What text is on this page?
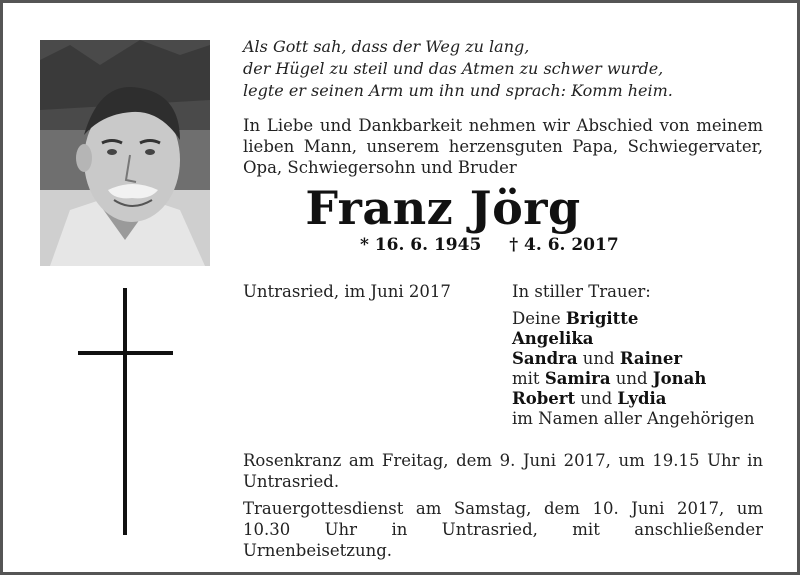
Als Gott sah, dass der Weg zu lang,
der Hügel zu steil und das Atmen zu schwer wurde,
legte er seinen Arm um ihn und sprach: Komm heim.
In Liebe und Dankbarkeit nehmen wir Abschied von meinem lieben Mann, unserem herzensguten Papa, Schwiegervater, Opa, Schwiegersohn und Bruder
Franz Jörg
* 16. 6. 1945 † 4. 6. 2017
Untrasried, im Juni 2017	In stiller Trauer:
Deine Brigitte
Angelika
Sandra und Rainer
mit Samira und Jonah
Robert und Lydia
im Namen aller Angehörigen
Rosenkranz am Freitag, dem 9. Juni 2017, um 19.15 Uhr in Untrasried.
Trauergottesdienst am Samstag, dem 10. Juni 2017, um 10.30 Uhr in Untrasried, mit anschließender Urnenbeisetzung.
